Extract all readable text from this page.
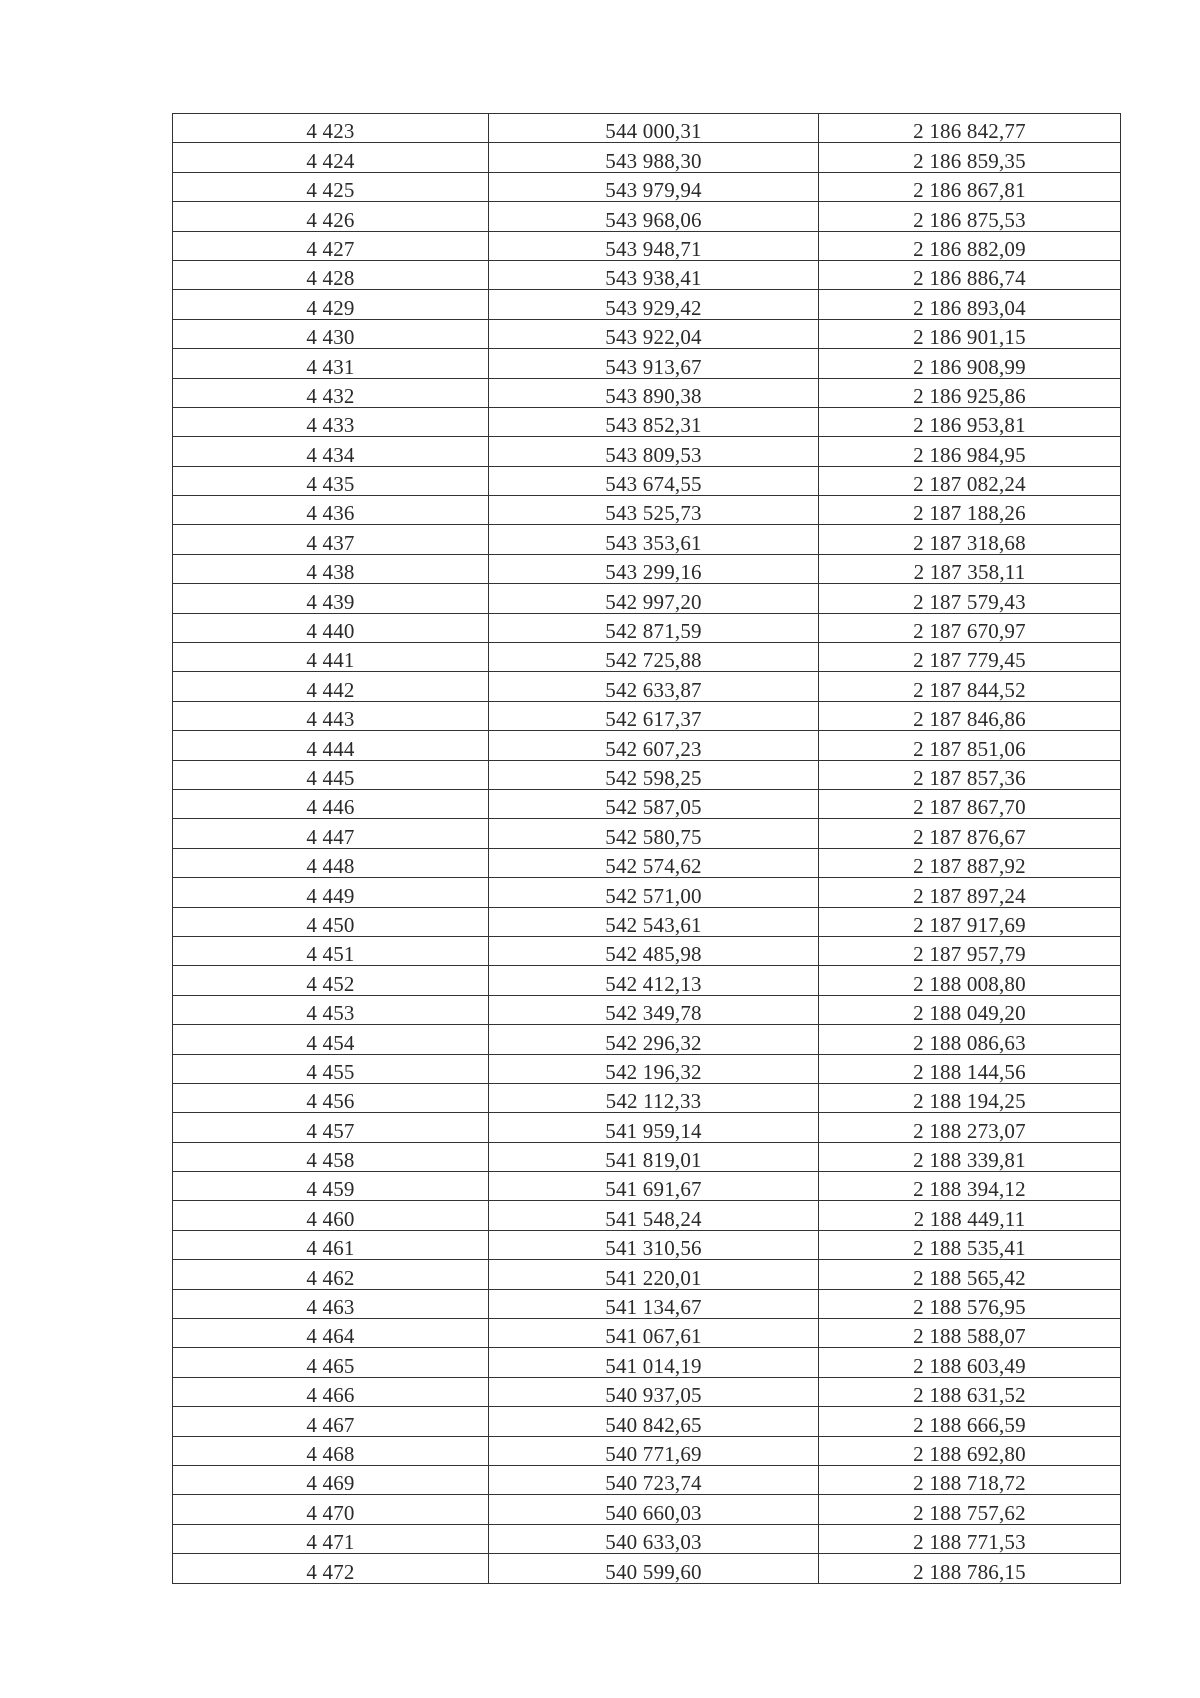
4 423	544 000,31	2 186 842,77
4 424	543 988,30	2 186 859,35
4 425	543 979,94	2 186 867,81
4 426	543 968,06	2 186 875,53
4 427	543 948,71	2 186 882,09
4 428	543 938,41	2 186 886,74
4 429	543 929,42	2 186 893,04
4 430	543 922,04	2 186 901,15
4 431	543 913,67	2 186 908,99
4 432	543 890,38	2 186 925,86
4 433	543 852,31	2 186 953,81
4 434	543 809,53	2 186 984,95
4 435	543 674,55	2 187 082,24
4 436	543 525,73	2 187 188,26
4 437	543 353,61	2 187 318,68
4 438	543 299,16	2 187 358,11
4 439	542 997,20	2 187 579,43
4 440	542 871,59	2 187 670,97
4 441	542 725,88	2 187 779,45
4 442	542 633,87	2 187 844,52
4 443	542 617,37	2 187 846,86
4 444	542 607,23	2 187 851,06
4 445	542 598,25	2 187 857,36
4 446	542 587,05	2 187 867,70
4 447	542 580,75	2 187 876,67
4 448	542 574,62	2 187 887,92
4 449	542 571,00	2 187 897,24
4 450	542 543,61	2 187 917,69
4 451	542 485,98	2 187 957,79
4 452	542 412,13	2 188 008,80
4 453	542 349,78	2 188 049,20
4 454	542 296,32	2 188 086,63
4 455	542 196,32	2 188 144,56
4 456	542 112,33	2 188 194,25
4 457	541 959,14	2 188 273,07
4 458	541 819,01	2 188 339,81
4 459	541 691,67	2 188 394,12
4 460	541 548,24	2 188 449,11
4 461	541 310,56	2 188 535,41
4 462	541 220,01	2 188 565,42
4 463	541 134,67	2 188 576,95
4 464	541 067,61	2 188 588,07
4 465	541 014,19	2 188 603,49
4 466	540 937,05	2 188 631,52
4 467	540 842,65	2 188 666,59
4 468	540 771,69	2 188 692,80
4 469	540 723,74	2 188 718,72
4 470	540 660,03	2 188 757,62
4 471	540 633,03	2 188 771,53
4 472	540 599,60	2 188 786,15
